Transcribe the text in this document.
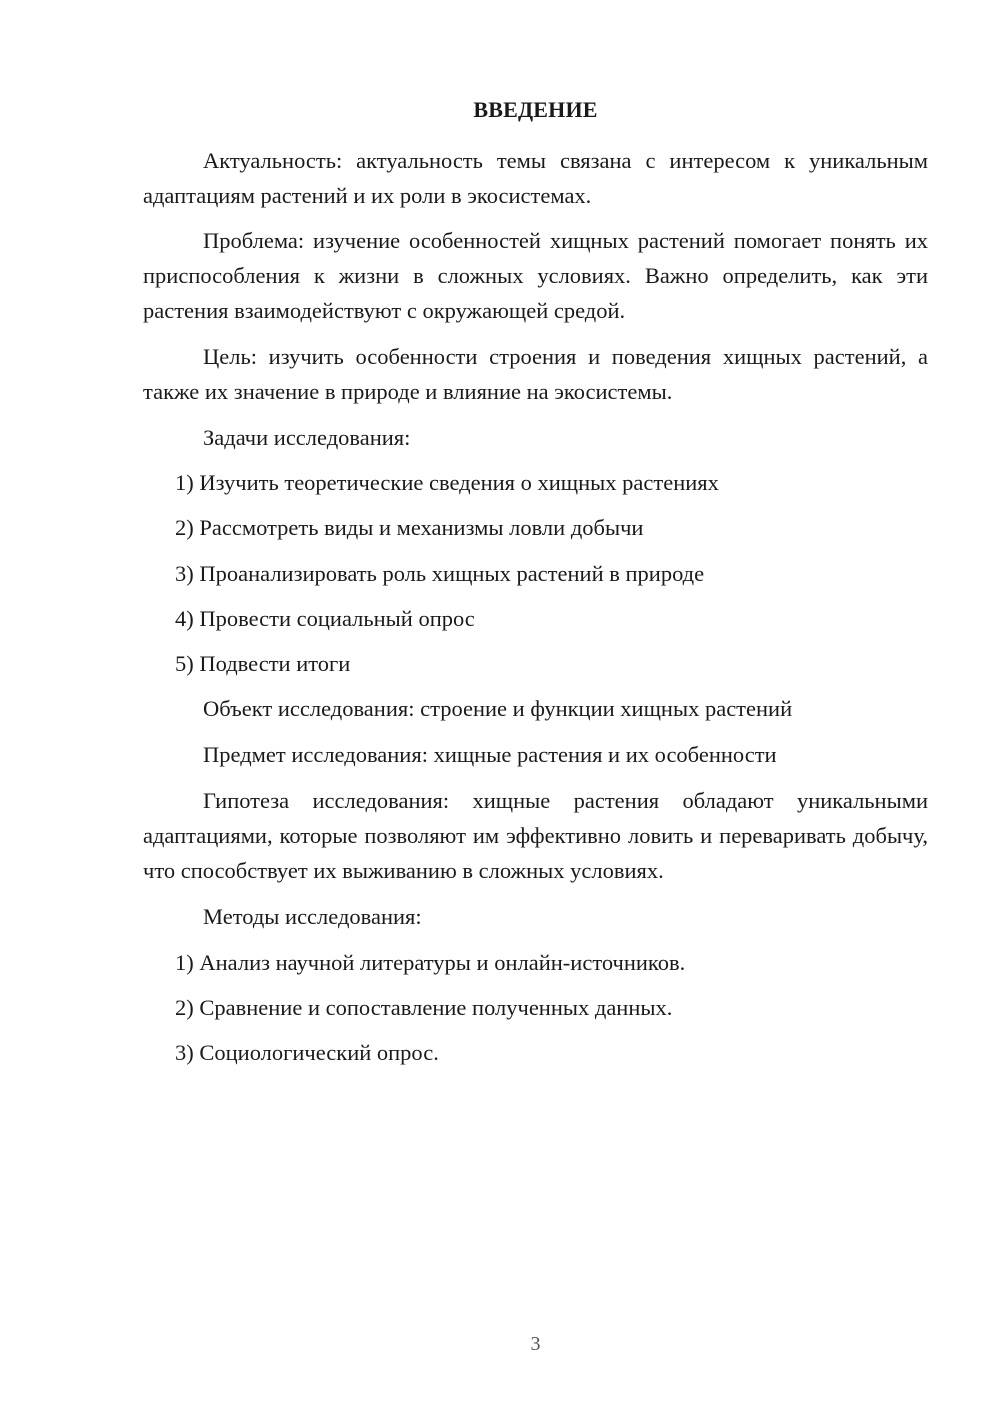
ВВЕДЕНИЕ

Актуальность: актуальность темы связана с интересом к уникальным адаптациям растений и их роли в экосистемах.

Проблема: изучение особенностей хищных растений помогает понять их приспособления к жизни в сложных условиях. Важно определить, как эти растения взаимодействуют с окружающей средой.

Цель: изучить особенности строения и поведения хищных растений, а также их значение в природе и влияние на экосистемы.

Задачи исследования:

1) Изучить теоретические сведения о хищных растениях

2) Рассмотреть виды и механизмы ловли добычи

3) Проанализировать роль хищных растений в природе

4) Провести социальный опрос

5) Подвести итоги

Объект исследования: строение и функции хищных растений

Предмет исследования: хищные растения и их особенности

Гипотеза исследования: хищные растения обладают уникальными адаптациями, которые позволяют им эффективно ловить и переваривать добычу, что способствует их выживанию в сложных условиях.

Методы исследования:

1) Анализ научной литературы и онлайн-источников.

2) Сравнение и сопоставление полученных данных.

3) Социологический опрос.

3
